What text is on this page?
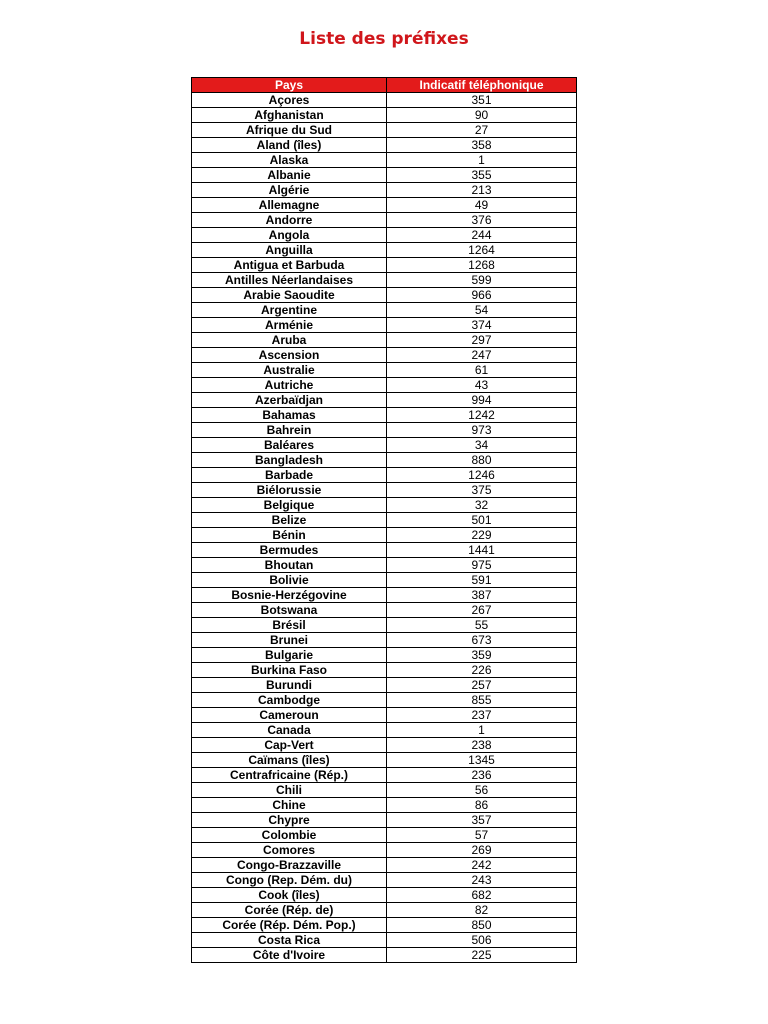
Liste des préfixes
Pays	Indicatif téléphonique
Açores	351
Afghanistan	90
Afrique du Sud	27
Aland (îles)	358
Alaska	1
Albanie	355
Algérie	213
Allemagne	49
Andorre	376
Angola	244
Anguilla	1264
Antigua et Barbuda	1268
Antilles Néerlandaises	599
Arabie Saoudite	966
Argentine	54
Arménie	374
Aruba	297
Ascension	247
Australie	61
Autriche	43
Azerbaïdjan	994
Bahamas	1242
Bahrein	973
Baléares	34
Bangladesh	880
Barbade	1246
Biélorussie	375
Belgique	32
Belize	501
Bénin	229
Bermudes	1441
Bhoutan	975
Bolivie	591
Bosnie-Herzégovine	387
Botswana	267
Brésil	55
Brunei	673
Bulgarie	359
Burkina Faso	226
Burundi	257
Cambodge	855
Cameroun	237
Canada	1
Cap-Vert	238
Caïmans (îles)	1345
Centrafricaine (Rép.)	236
Chili	56
Chine	86
Chypre	357
Colombie	57
Comores	269
Congo-Brazzaville	242
Congo (Rep. Dém. du)	243
Cook (îles)	682
Corée (Rép. de)	82
Corée (Rép. Dém. Pop.)	850
Costa Rica	506
Côte d'Ivoire	225
